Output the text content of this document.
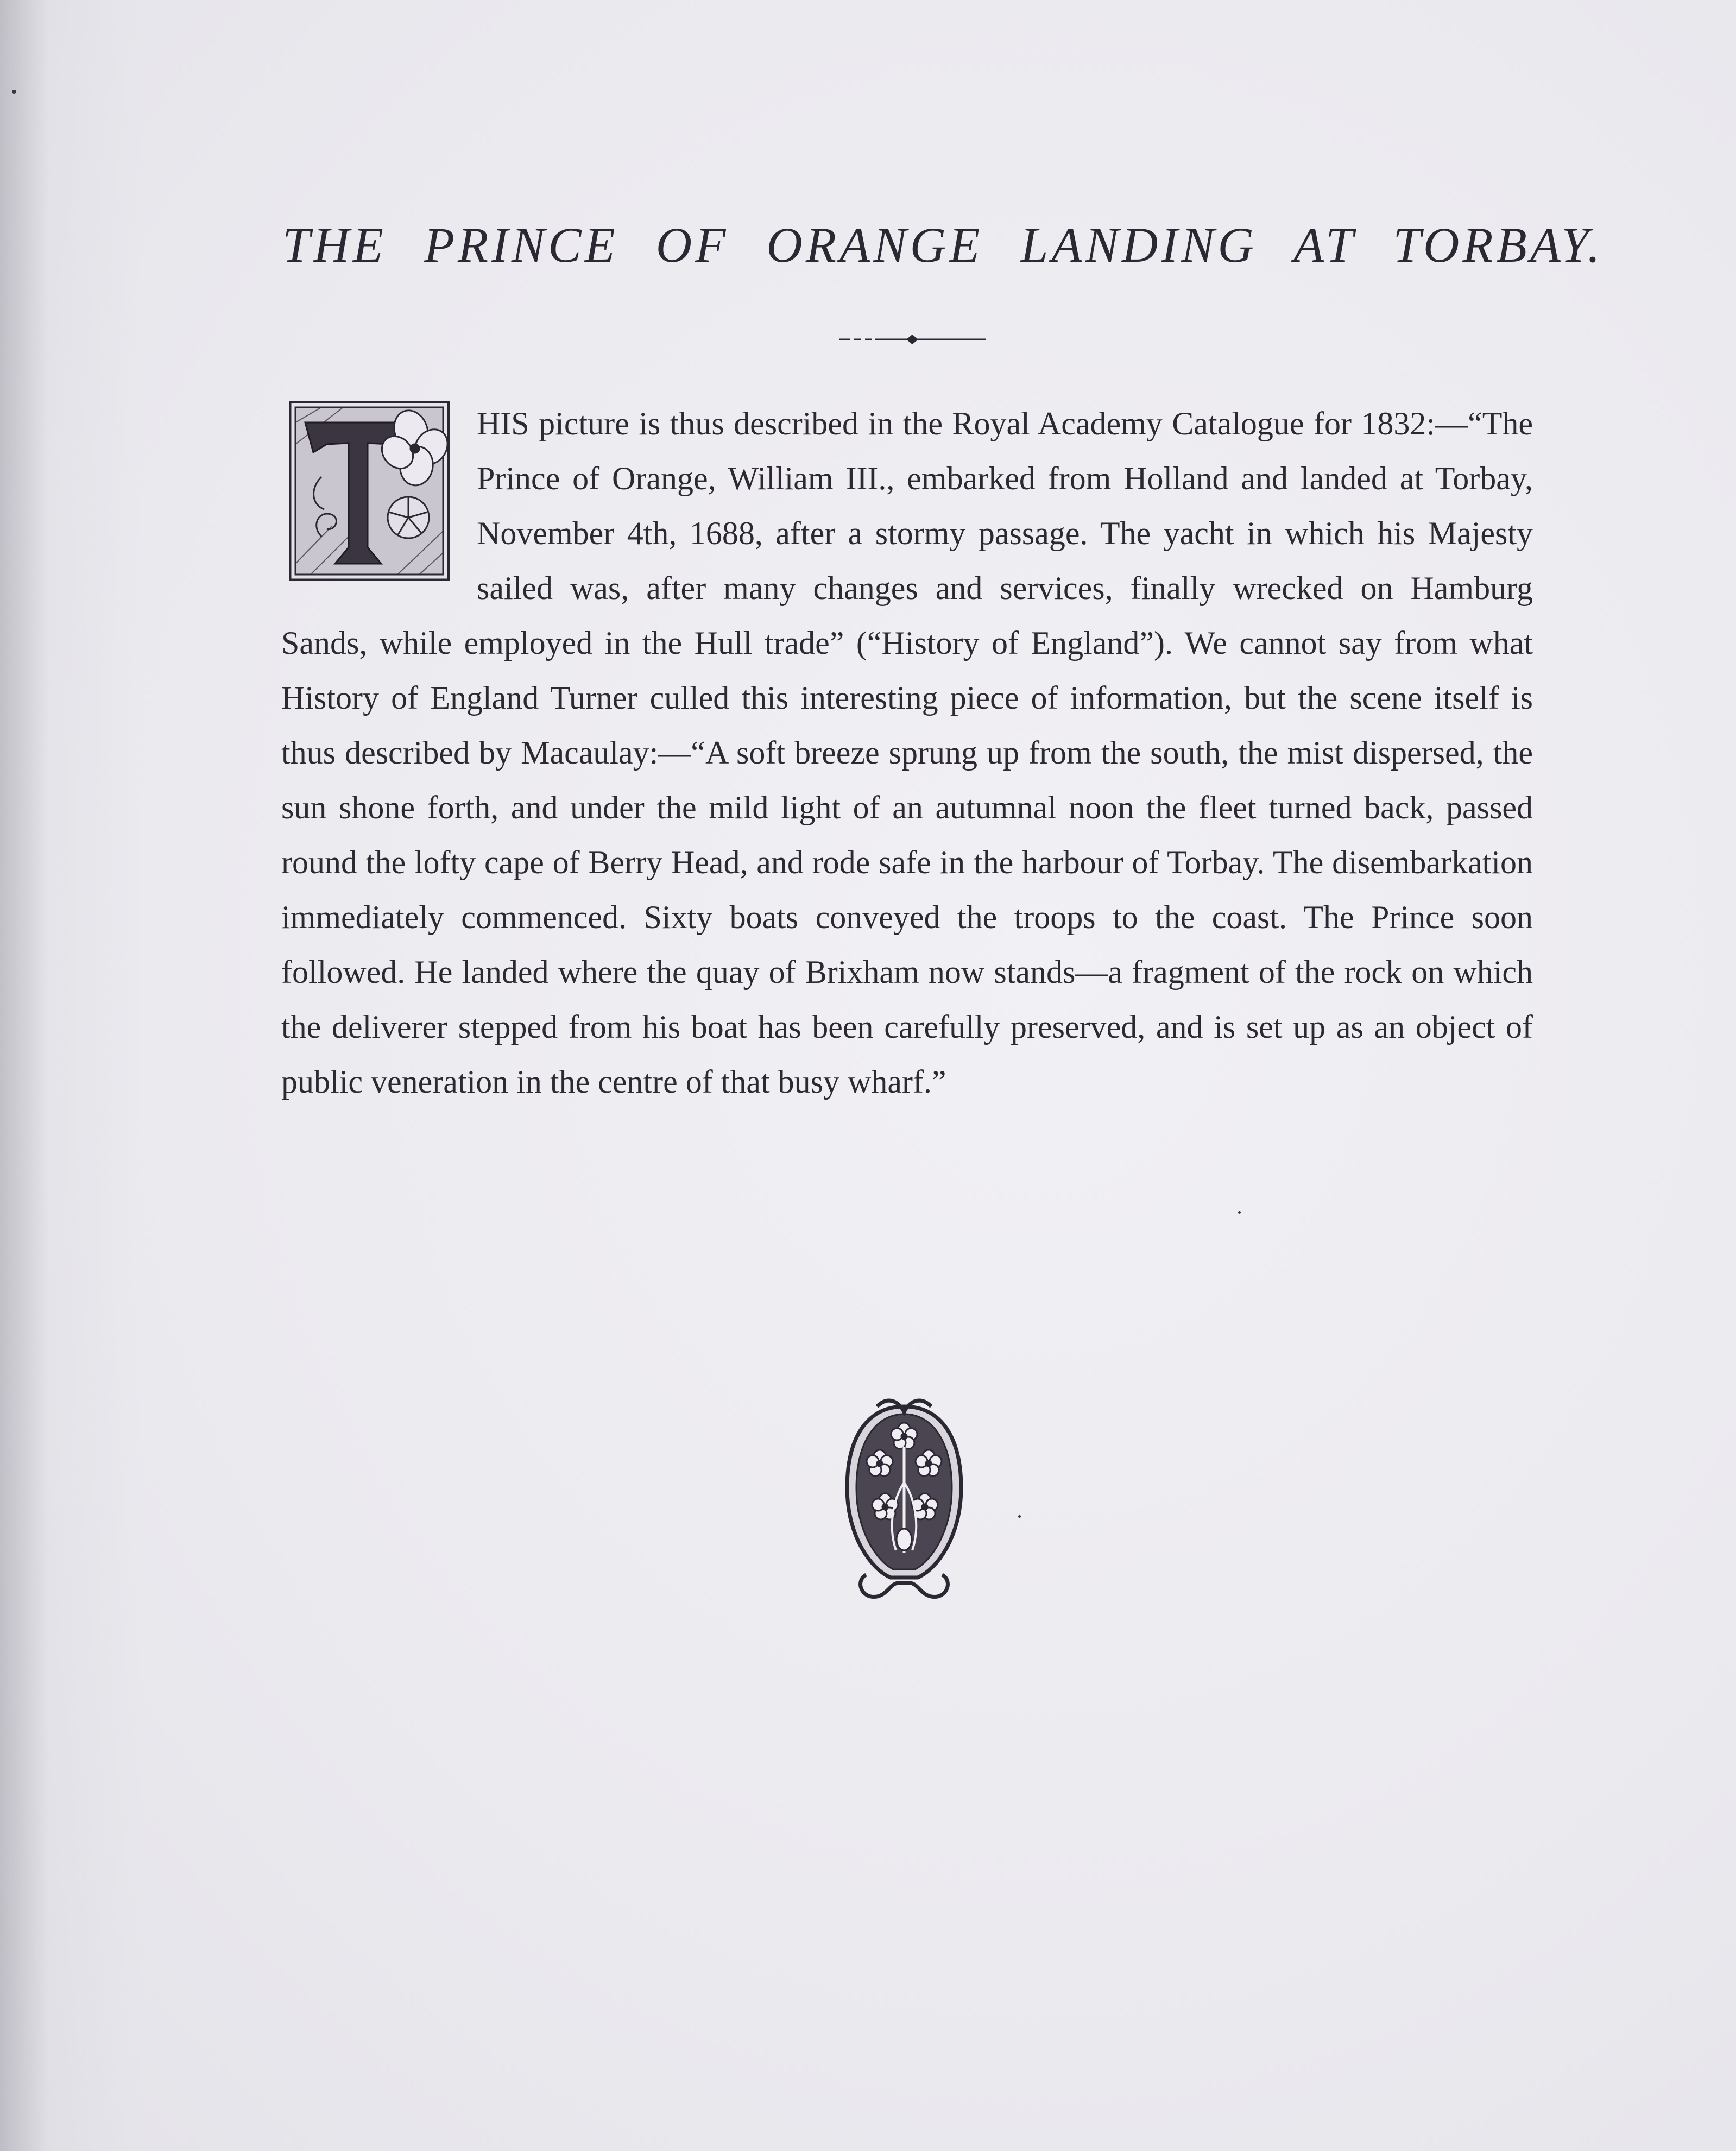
THE PRINCE OF ORANGE LANDING AT TORBAY.

HIS picture is thus described in the Royal Academy Catalogue for 1832:—“The Prince of Orange, William III., embarked from Holland and landed at Torbay, November 4th, 1688, after a stormy passage. The yacht in which his Majesty sailed was, after many changes and services, finally wrecked on Hamburg Sands, while employed in the Hull trade” (“History of England”). We cannot say from what History of England Turner culled this interesting piece of information, but the scene itself is thus described by Macaulay:—“A soft breeze sprung up from the south, the mist dispersed, the sun shone forth, and under the mild light of an autumnal noon the fleet turned back, passed round the lofty cape of Berry Head, and rode safe in the harbour of Torbay. The disembarkation immediately commenced. Sixty boats conveyed the troops to the coast. The Prince soon followed. He landed where the quay of Brixham now stands—a fragment of the rock on which the deliverer stepped from his boat has been carefully preserved, and is set up as an object of public veneration in the centre of that busy wharf.”
